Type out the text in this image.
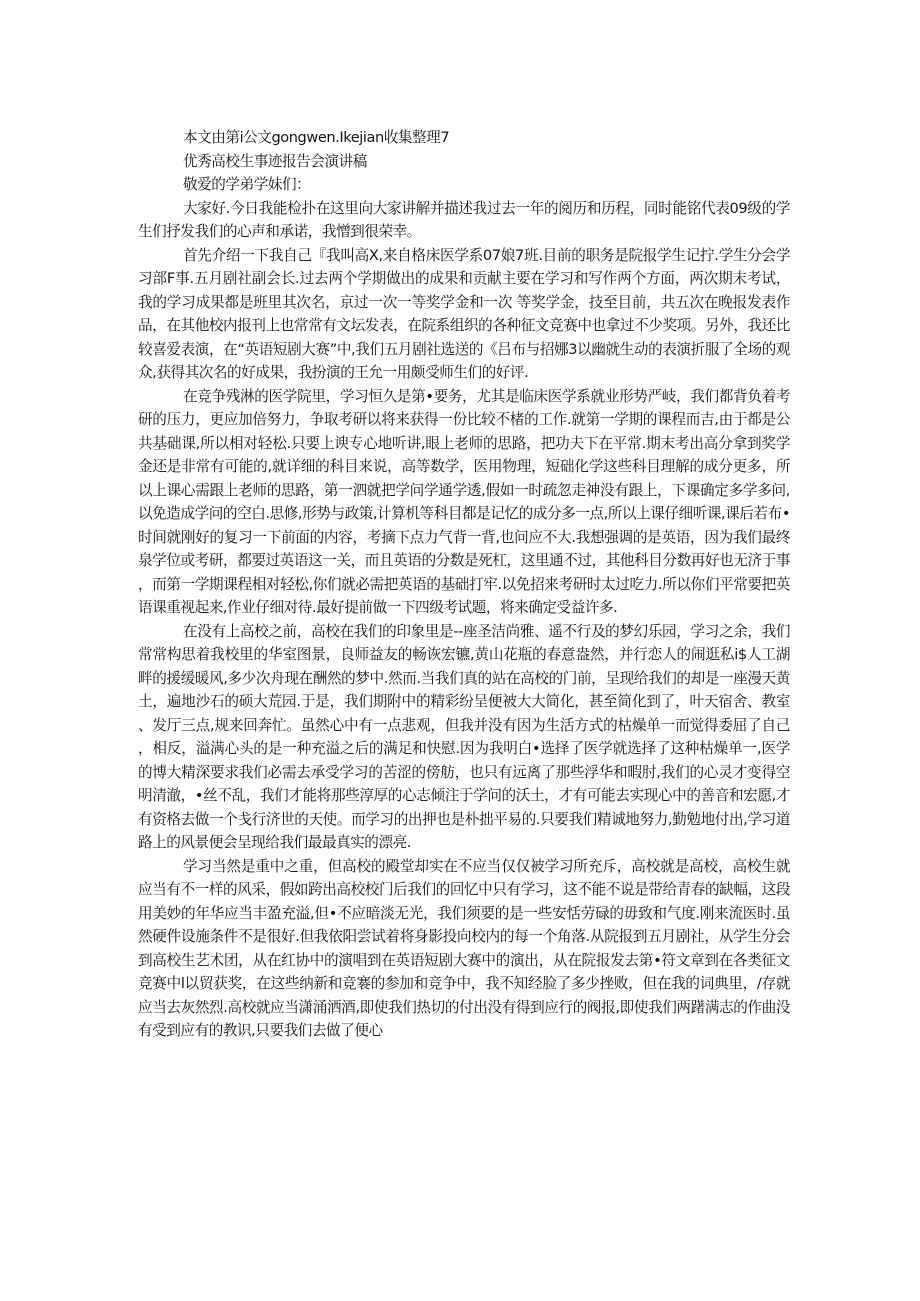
本文由第i公文gongwen.Ikejian收集整理7

优秀高校生事迹报告会演讲稿

敬爱的学弟学妹们：

大家好.今日我能检扑在这里向大家讲解并描述我过去一年的阅历和历程，同时能铭代表09级的学生们抒发我们的心声和承诺，我憎到很荣幸。

首先介绍一下我自己『我叫高X,来自格床医学系07娘7班.目前的职务是院报学生记拧.学生分会学习部F事.五月剧社副会长.过去两个学期做出的成果和贡献主要在学习和写作两个方面，两次期末考试，我的学习成果都是班里其次名，京过一次一等奖学金和一次 等奖学金，技至目前，共五次在晚报发表作品，在其他校内报刊上也常常有文坛发表，在院系组织的各种征文竞赛中也拿过不少奖项。另外，我还比较喜爱表演，在“英语短剧大赛”中,我们五月剧社选送的《吕布与招娜3以幽就生动的表演折服了全场的观众,获得其次名的好成果，我扮演的王允一用颇受师生们的好评.

在竞争残淋的医学院里，学习恒久是第•要务，尤其是临床医学系就业形势严岐，我们都背负着考研的压力，更应加倍努力，争取考研以将来获得一份比较不楮的工作.就第一学期的课程而吉,由于都是公共基础课,所以相对轻松.只要上谀专心地听讲,眼上老师的思路，把功夫下在平常.期末考出高分拿到奖学金还是非常有可能的,就详细的科目来说，高等数学，医用物理，短础化学这些科目理解的成分更多，所以上课心需跟上老师的思路，第一泗就把学问学通学透,假如一时疏忽走神没有跟上，下课确定多学多问,以免造成学问的空白.思修,形势与政策,计算机等科目都是记忆的成分多一点,所以上课仔细听课,课后若布•时间就刚好的复习一下前面的内容，考摘下点力气背一背,也问应不大.我想强调的是英语，因为我们最终泉学位或考研，都要过英语这一关，而且英语的分数是死杠，这里通不过，其他科目分数再好也无济于事，而第一学期课程相对轻松,你们就必需把英语的基础打牢.以免招来考研时太过吃力.所以你们平常要把英语课重视起来,作业仔细对待.最好提前做一下四级考试题，将来确定受益许多.

在没有上高校之前，高校在我们的印象里是--座圣洁尚雅、遥不行及的梦幻乐园，学习之余，我们常常构思着我校里的华室图景，良师益友的畅诙宏镳,黄山花瓶的春意盎然，并行恋人的闹逛私i$人工湖畔的援缓暖风,多少次舟现在酬然的梦中.然而.当我们真的站在高校的门前，呈现给我们的却是一座漫天黄土，遍地沙石的硕大荒园.于是，我们期附中的精彩纷呈便被大大简化，甚至简化到了，叶天宿舍、教室、发厅三点,规来回奔忙。虽然心中有一点悲观，但我并没有因为生活方式的枯燥单一而觉得委屈了自己，相反，溢满心头的是一种充溢之后的满足和快慰.因为我明白•选择了医学就选择了这种枯燥单一,医学的博大精深要求我们必需去承受学习的苦涩的傍舫，也只有远离了那些浮华和暇肘,我们的心灵才变得空明清澈，•丝不乱，我们才能将那些淳厚的心志倾注于学问的沃土，才有可能去实现心中的善音和宏愿,才有资格去做一个戋行济世的天使。而学习的出押也是朴拙平易的.只要我们精诚地努力,勤勉地付出,学习道路上的风景便会呈现给我们最最真实的漂亮.

学习当然是重中之重，但高校的殿堂却实在不应当仅仅被学习所充斥，高校就是高校，高校生就应当有不一样的风采，假如跨出高校校门后我们的回忆中只有学习，这不能不说是带给青春的缺幅，这段用美妙的年华应当丰盈充溢,但•不应暗淡无光，我们须要的是一些安恬劳碌的毋致和气度.刚来流医时.虽然硬件设施条件不是很好.但我依阳尝试着将身影投向校内的每一个角落.从院报到五月剧社，从学生分会到高校生艺术团，从在红协中的演唱到在英语短剧大赛中的演出，从在院报发去第•符文章到在各类征文竞赛中l以贸获奖，在这些纳新和竞褰的参加和竞争中，我不知经脸了多少挫败，但在我的词典里，/存就应当去灰然烈.高校就应当潇涌洒酒,即使我们热切的付出没有得到应行的阀报,即使我们两躇满志的作曲没有受到应有的教识,只要我们去做了便心
